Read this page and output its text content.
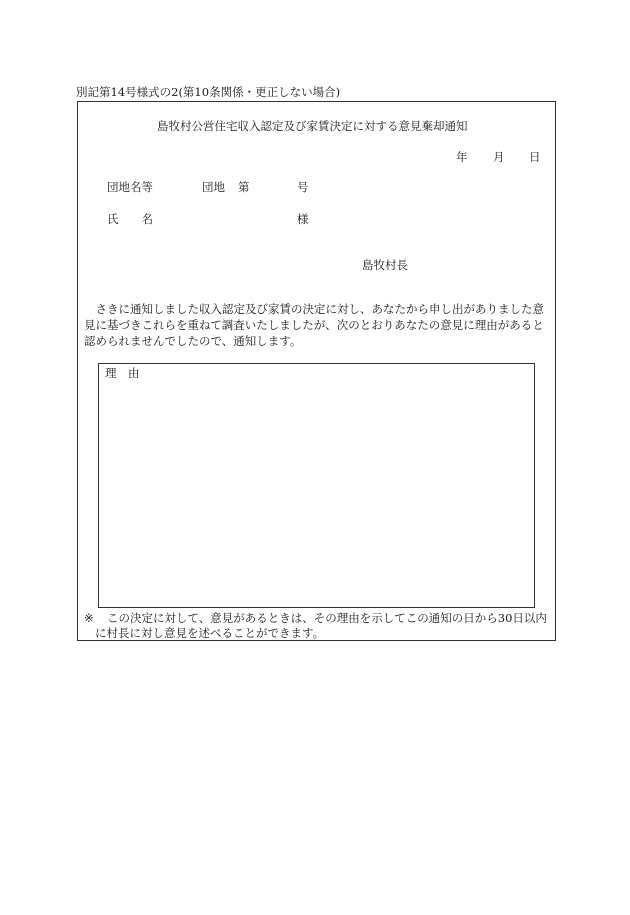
別記第14号様式の2(第10条関係・更正しない場合)
島牧村公営住宅収入認定及び家賃決定に対する意見棄却通知
年 月 日
団地名等	団地 第	号
氏　　名	様
島牧村長
　さきに通知しました収入認定及び家賃の決定に対し、あなたから申し出がありました意
見に基づきこれらを重ねて調査いたしましたが、次のとおりあなたの意見に理由があると
認められませんでしたので、通知します。
理　由
※ この決定に対して、意見があるときは、その理由を示してこの通知の日から30日以内
に村長に対し意見を述べることができます。
